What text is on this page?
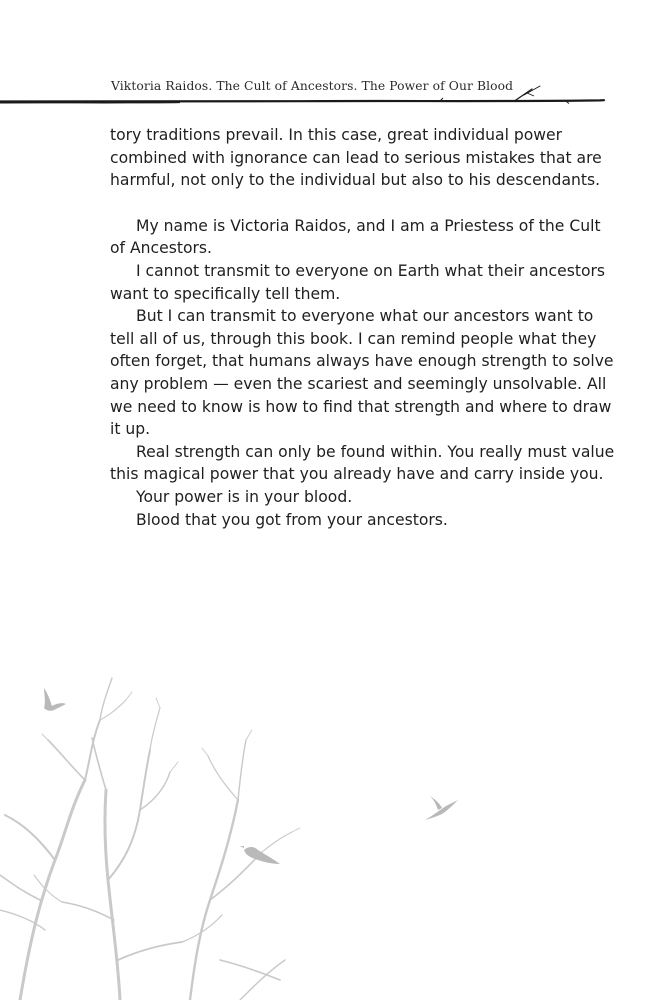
Viktoria Raidos. The Cult of Ancestors. The Power of Our Blood

tory traditions prevail. In this case, great individual power combined with ignorance can lead to serious mistakes that are harmful, not only to the individual but also to his descendants.

My name is Victoria Raidos, and I am a Priestess of the Cult of Ancestors.

I cannot transmit to everyone on Earth what their ancestors want to specifically tell them.

But I can transmit to everyone what our ancestors want to tell all of us, through this book. I can remind people what they often forget, that humans always have enough strength to solve any problem — even the scariest and seemingly unsolvable. All we need to know is how to find that strength and where to draw it up.

Real strength can only be found within. You really must value this magical power that you already have and carry inside you.

Your power is in your blood.

Blood that you got from your ancestors.
